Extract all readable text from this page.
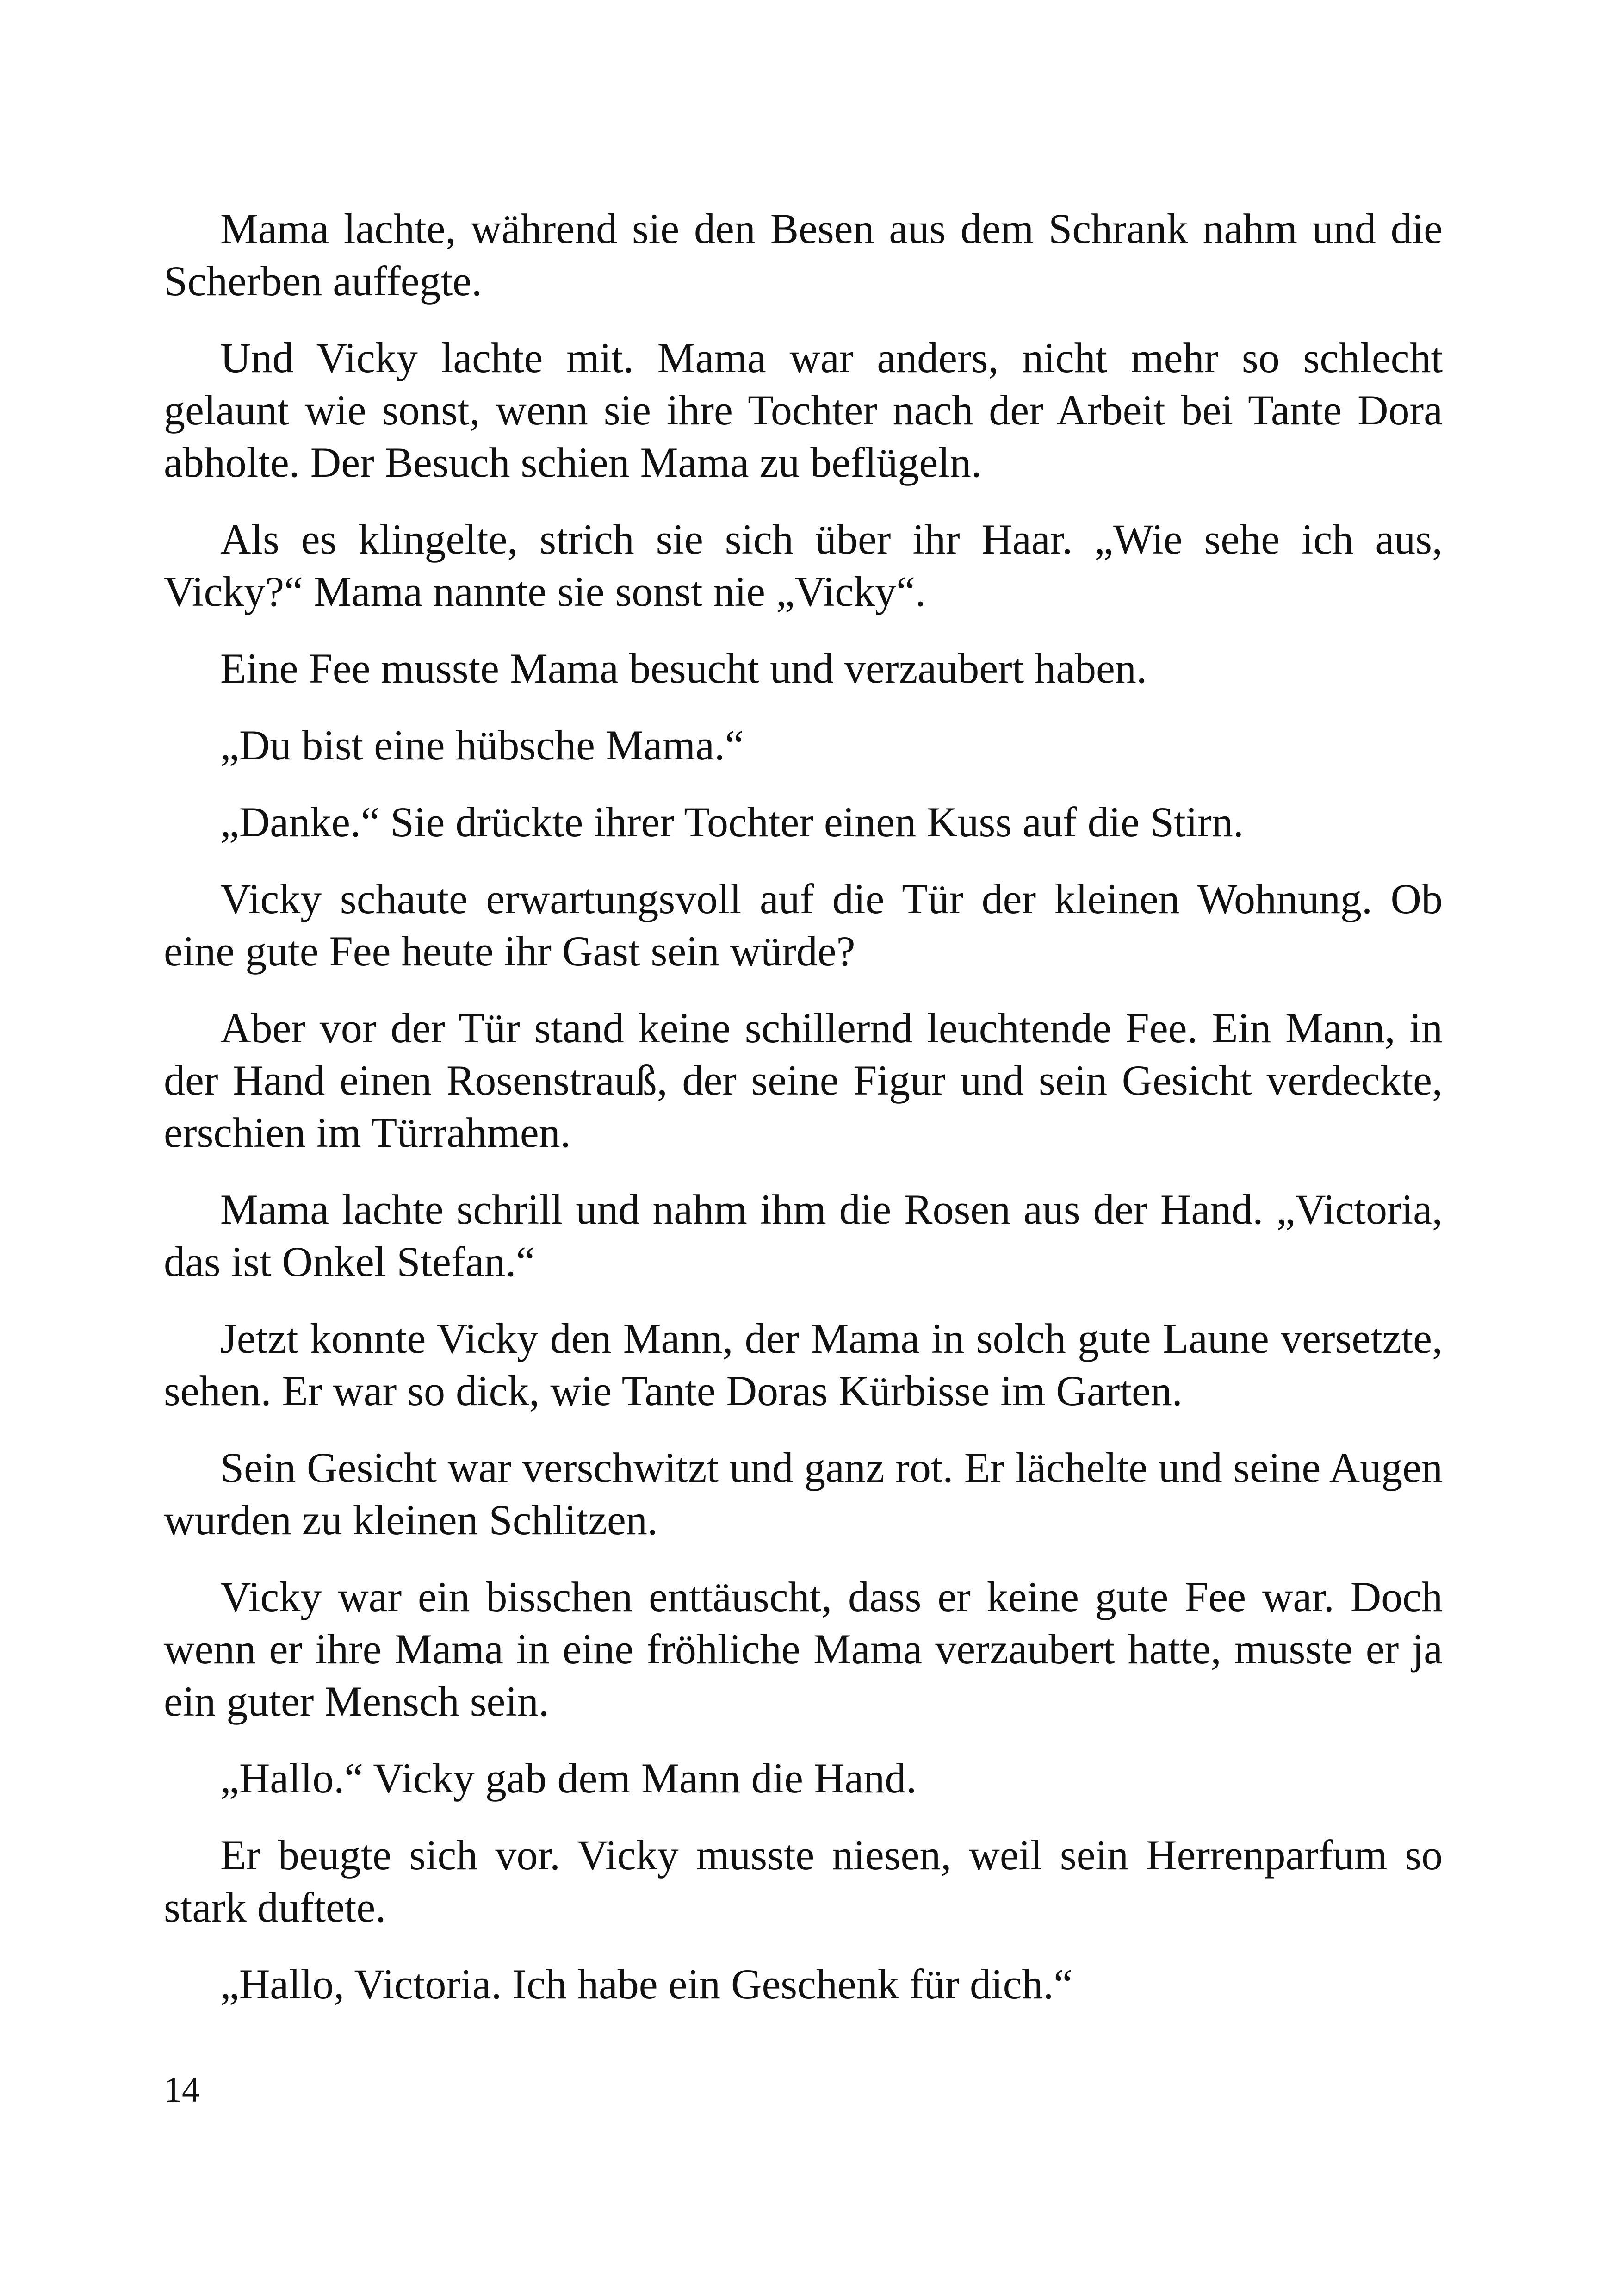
Mama lachte, während sie den Besen aus dem Schrank nahm und die Scherben auffegte.

Und Vicky lachte mit. Mama war anders, nicht mehr so schlecht gelaunt wie sonst, wenn sie ihre Tochter nach der Arbeit bei Tante Dora abholte. Der Besuch schien Mama zu beflügeln.

Als es klingelte, strich sie sich über ihr Haar. „Wie sehe ich aus, Vicky?“ Mama nannte sie sonst nie „Vicky“.

Eine Fee musste Mama besucht und verzaubert haben.

„Du bist eine hübsche Mama.“

„Danke.“ Sie drückte ihrer Tochter einen Kuss auf die Stirn.

Vicky schaute erwartungsvoll auf die Tür der kleinen Wohnung. Ob eine gute Fee heute ihr Gast sein würde?

Aber vor der Tür stand keine schillernd leuchtende Fee. Ein Mann, in der Hand einen Rosenstrauß, der seine Figur und sein Gesicht verdeckte, erschien im Türrahmen.

Mama lachte schrill und nahm ihm die Rosen aus der Hand. „Victoria, das ist Onkel Stefan.“

Jetzt konnte Vicky den Mann, der Mama in solch gute Laune versetzte, sehen. Er war so dick, wie Tante Doras Kürbisse im Garten.

Sein Gesicht war verschwitzt und ganz rot. Er lächelte und seine Augen wurden zu kleinen Schlitzen.

Vicky war ein bisschen enttäuscht, dass er keine gute Fee war. Doch wenn er ihre Mama in eine fröhliche Mama verzaubert hatte, musste er ja ein guter Mensch sein.

„Hallo.“ Vicky gab dem Mann die Hand.

Er beugte sich vor. Vicky musste niesen, weil sein Herrenparfum so stark duftete.

„Hallo, Victoria. Ich habe ein Geschenk für dich.“

14
